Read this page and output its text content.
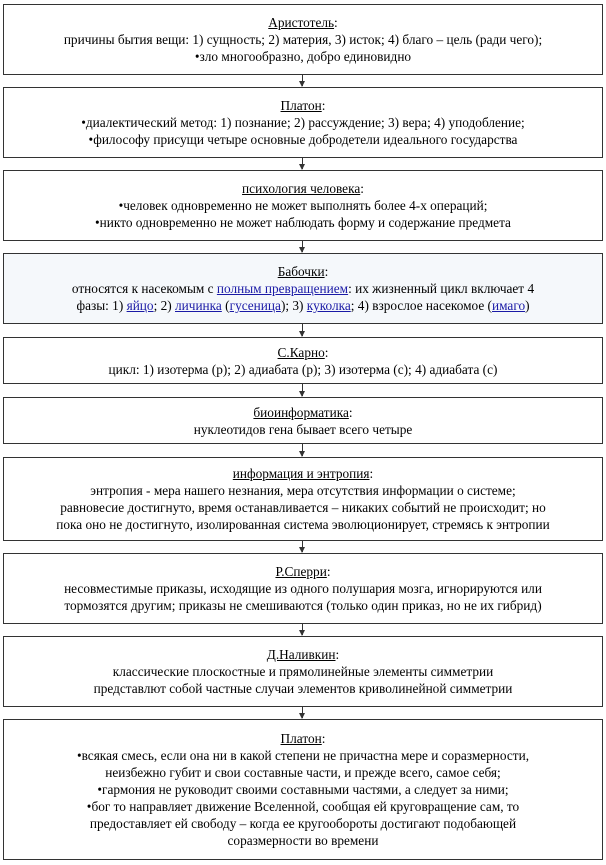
Аристотель:
причины бытия вещи: 1) сущность; 2) материя, 3) исток; 4) благо – цель (ради чего);
•зло многообразно, добро единовидно
Платон:
•диалектический метод: 1) познание; 2) рассуждение; 3) вера; 4) уподобление;
•философу присущи четыре основные добродетели идеального государства
психология человека:
•человек одновременно не может выполнять более 4-х операций;
•никто одновременно не может наблюдать форму и содержание предмета
Бабочки:
относятся к насекомым с полным превращением: их жизненный цикл включает 4
фазы: 1) яйцо; 2) личинка (гусеница); 3) куколка; 4) взрослое насекомое (имаго)
С.Карно:
цикл: 1) изотерма (р); 2) адиабата (р); 3) изотерма (с); 4) адиабата (с)
биоинформатика:
нуклеотидов гена бывает всего четыре
информация и энтропия:
энтропия - мера нашего незнания, мера отсутствия информации о системе;
равновесие достигнуто, время останавливается – никаких событий не происходит; но
пока оно не достигнуто, изолированная система эволюционирует, стремясь к энтропии
Р.Сперри:
несовместимые приказы, исходящие из одного полушария мозга, игнорируются или
тормозятся другим; приказы не смешиваются (только один приказ, но не их гибрид)
Д.Наливкин:
классические плоскостные и прямолинейные элементы симметрии
представлют собой частные случаи элементов криволинейной симметрии
Платон:
•всякая смесь, если она ни в какой степени не причастна мере и соразмерности,
неизбежно губит и свои составные части, и прежде всего, самое себя;
•гармония не руководит своими составными частями, а следует за ними;
•бог то направляет движение Вселенной, сообщая ей круговращение сам, то
предоставляет ей свободу – когда ее кругообороты достигают подобающей
соразмерности во времени
